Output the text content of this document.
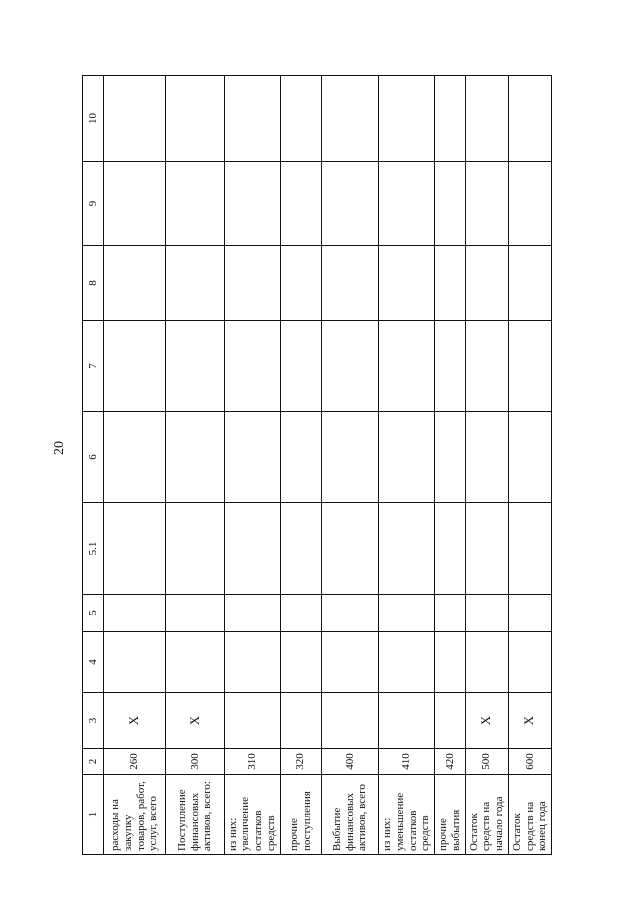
20
1	2	3	4	5	5.1	6	7	8	9	10
расходы на закупку товаров, работ, услуг, всего	260	X								
Поступление финансовых активов, всего:	300	X								
из них: увеличение остатков средств	310									
прочие поступления	320									
Выбытие финансовых активов, всего	400									
из них: уменьшение остатков средств	410									
прочие выбытия	420									
Остаток средств на начало года	500	X								
Остаток средств на конец года	600	X								
